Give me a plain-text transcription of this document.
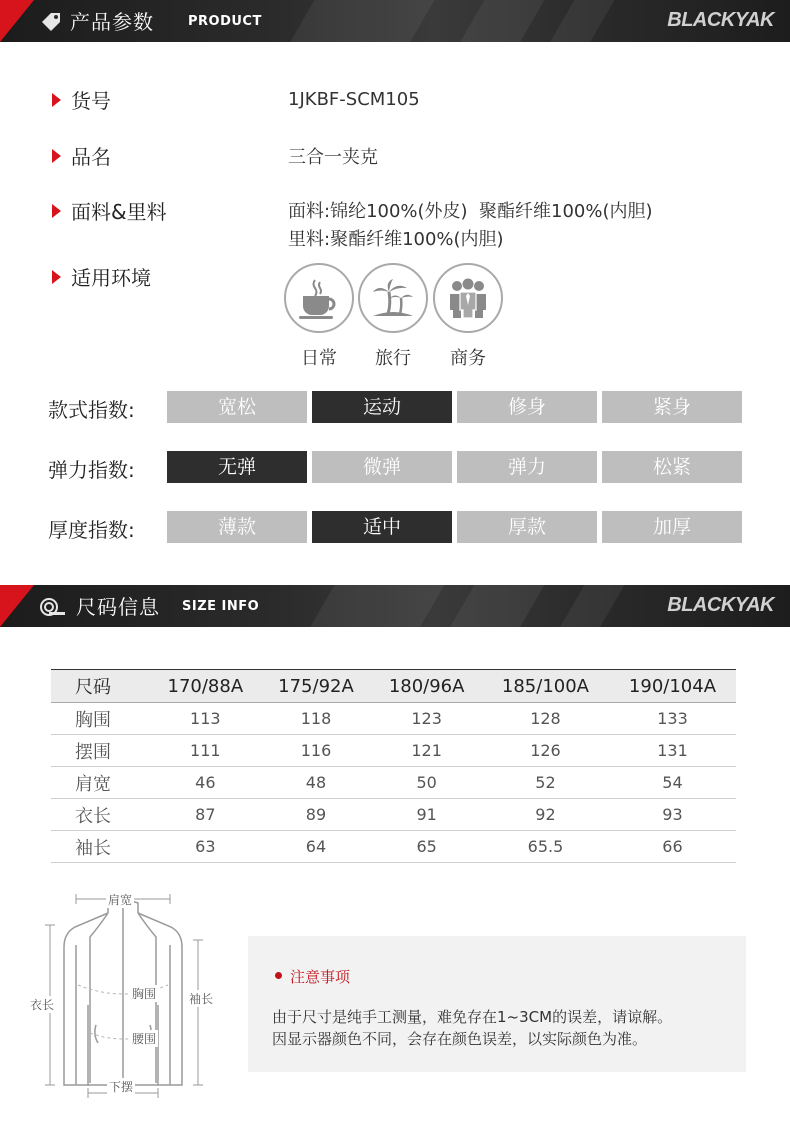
产品参数	PRODUCT	BLACKYAK
货号	1JKBF-SCM105
品名	三合一夹克
面料&里料	面料:锦纶100%(外皮)  聚酯纤维100%(内胆)
里料:聚酯纤维100%(内胆)
适用环境
日常	旅行	商务
款式指数:	宽松	运动	修身	紧身
弹力指数:	无弹	微弹	弹力	松紧
厚度指数:	薄款	适中	厚款	加厚
尺码信息 SIZE INFO	BLACKYAK
尺码	170/88A	175/92A	180/96A	185/100A	190/104A
胸围	113	118	123	128	133
摆围	111	116	121	126	131
肩宽	46	48	50	52	54
衣长	87	89	91	92	93
袖长	63	64	65	65.5	66
肩宽
衣长
胸围	袖长
腰围
下摆
注意事项
由于尺寸是纯手工测量，难免存在1~3CM的误差，请谅解。
因显示器颜色不同，会存在颜色误差，以实际颜色为准。
